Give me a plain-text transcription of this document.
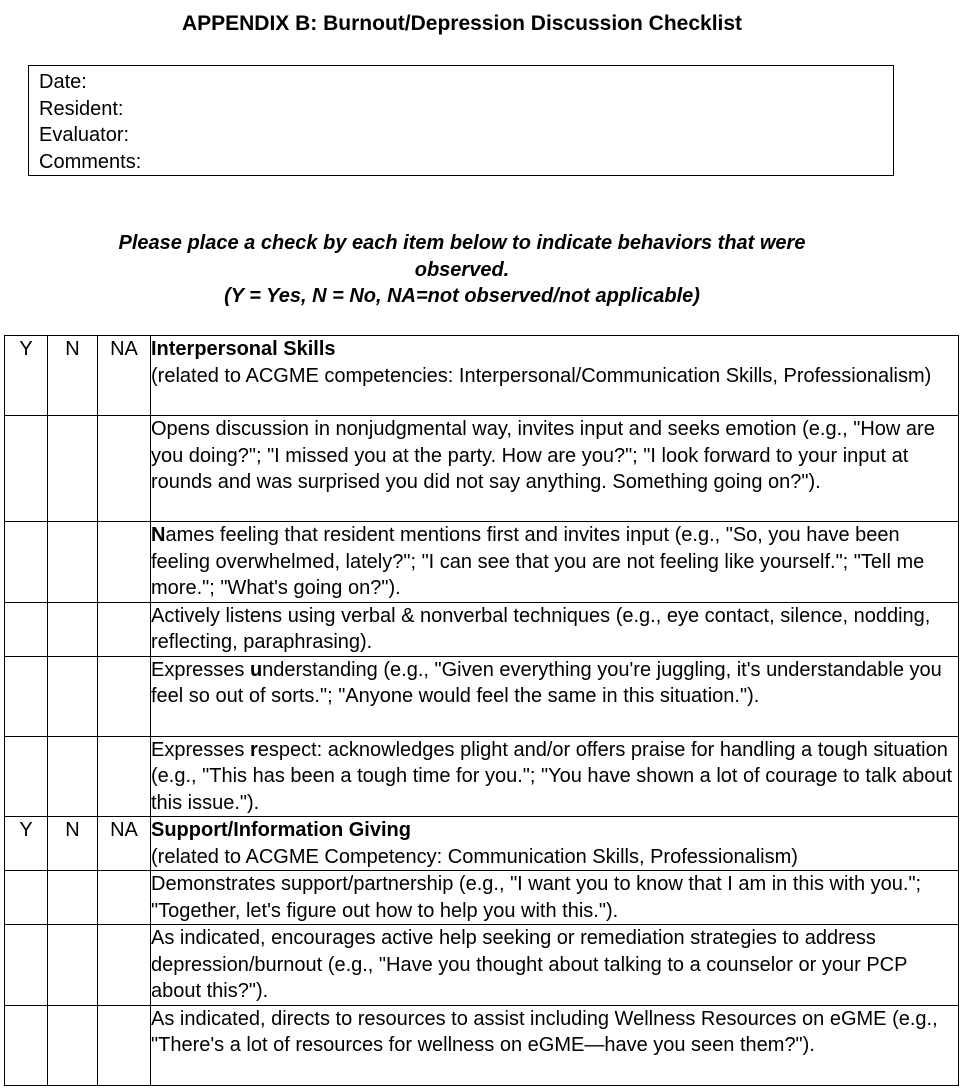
APPENDIX B: Burnout/Depression Discussion Checklist
Date:
Resident:
Evaluator:
Comments:
Please place a check by each item below to indicate behaviors that were
observed.
(Y = Yes, N = No, NA=not observed/not applicable)
Y	N	NA	Interpersonal Skills
(related to ACGME competencies: Interpersonal/Communication Skills, Professionalism)
			Opens discussion in nonjudgmental way, invites input and seeks emotion (e.g., "How are you doing?"; "I missed you at the party. How are you?"; "I look forward to your input at rounds and was surprised you did not say anything. Something going on?").
			Names feeling that resident mentions first and invites input (e.g., "So, you have been feeling overwhelmed, lately?"; "I can see that you are not feeling like yourself."; "Tell me more."; "What's going on?").
			Actively listens using verbal & nonverbal techniques (e.g., eye contact, silence, nodding, reflecting, paraphrasing).
			Expresses understanding (e.g., "Given everything you're juggling, it's understandable you feel so out of sorts."; "Anyone would feel the same in this situation.").
			Expresses respect: acknowledges plight and/or offers praise for handling a tough situation (e.g., "This has been a tough time for you."; "You have shown a lot of courage to talk about this issue.").
Y	N	NA	Support/Information Giving
(related to ACGME Competency: Communication Skills, Professionalism)
			Demonstrates support/partnership (e.g., "I want you to know that I am in this with you."; "Together, let's figure out how to help you with this.").
			As indicated, encourages active help seeking or remediation strategies to address depression/burnout (e.g., "Have you thought about talking to a counselor or your PCP about this?").
			As indicated, directs to resources to assist including Wellness Resources on eGME (e.g., "There's a lot of resources for wellness on eGME—have you seen them?").
